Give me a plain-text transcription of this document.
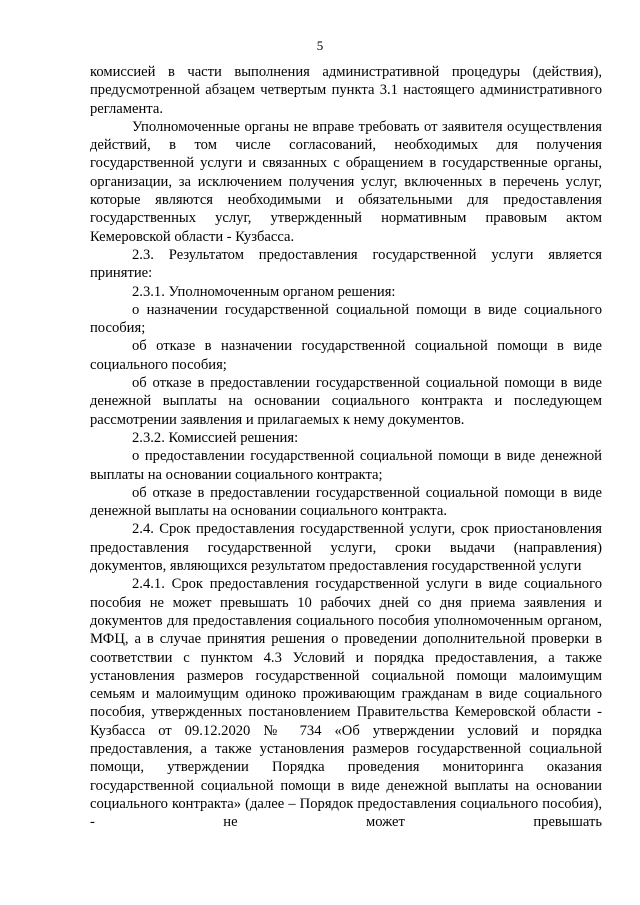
5

комиссией в части выполнения административной процедуры (действия), предусмотренной абзацем четвертым пункта 3.1 настоящего административного регламента.

Уполномоченные органы не вправе требовать от заявителя осуществления действий, в том числе согласований, необходимых для получения государственной услуги и связанных с обращением в государственные органы, организации, за исключением получения услуг, включенных в перечень услуг, которые являются необходимыми и обязательными для предоставления государственных услуг, утвержденный нормативным правовым актом Кемеровской области - Кузбасса.

2.3. Результатом предоставления государственной услуги является принятие:

2.3.1. Уполномоченным органом решения:

о назначении государственной социальной помощи в виде социального пособия;

об отказе в назначении государственной социальной помощи в виде социального пособия;

об отказе в предоставлении государственной социальной помощи в виде денежной выплаты на основании социального контракта и последующем рассмотрении заявления и прилагаемых к нему документов.

2.3.2. Комиссией решения:

о предоставлении государственной социальной помощи в виде денежной выплаты на основании социального контракта;

об отказе в предоставлении государственной социальной помощи в виде денежной выплаты на основании социального контракта.

2.4. Срок предоставления государственной услуги, срок приостановления предоставления государственной услуги, сроки выдачи (направления) документов, являющихся результатом предоставления государственной услуги

2.4.1. Срок предоставления государственной услуги в виде социального пособия не может превышать 10 рабочих дней со дня приема заявления и документов для предоставления социального пособия уполномоченным органом, МФЦ, а в случае принятия решения о проведении дополнительной проверки в соответствии с пунктом 4.3 Условий и порядка предоставления, а также установления размеров государственной социальной помощи малоимущим семьям и малоимущим одиноко проживающим гражданам в виде социального пособия, утвержденных постановлением Правительства Кемеровской области - Кузбасса от 09.12.2020 № 734 «Об утверждении условий и порядка предоставления, а также установления размеров государственной социальной помощи, утверждении Порядка проведения мониторинга оказания государственной социальной помощи в виде денежной выплаты на основании социального контракта» (далее – Порядок предоставления социального пособия), - не может превышать
